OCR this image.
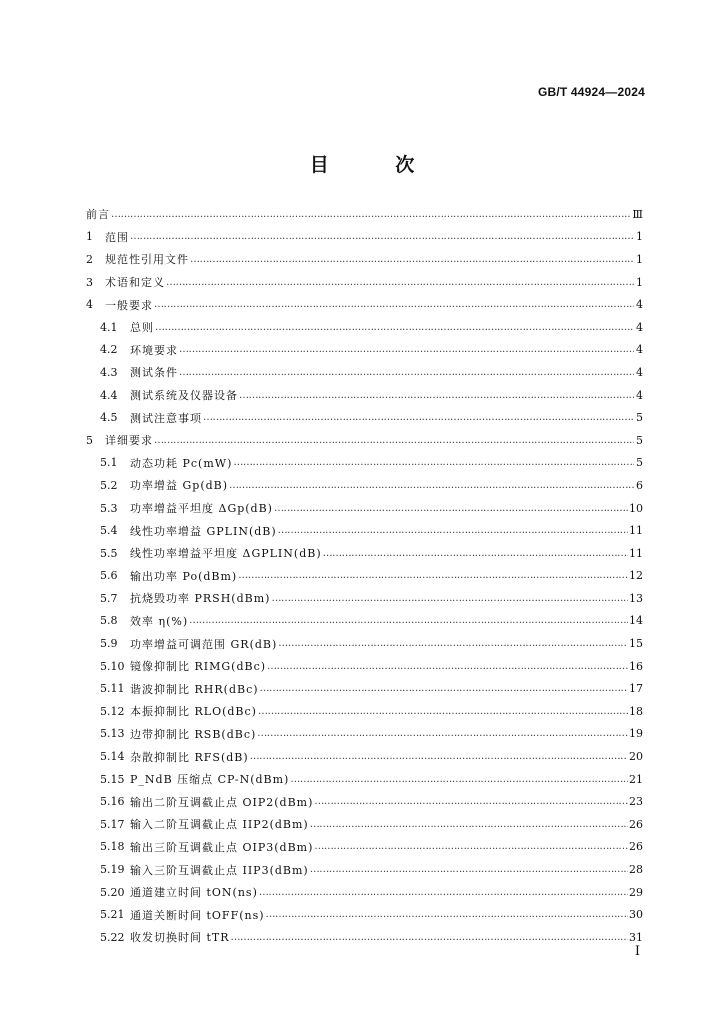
GB/T 44924—2024
目 次
前言 …………………………………………………………………………………………………………………………………………………………………………………………………………………………………………………………………………	Ⅲ
1	范围 …………………………………………………………………………………………………………………………………………………………………………………………………………………………………………………………………………	1
2	规范性引用文件 …………………………………………………………………………………………………………………………………………………………………………………………………………………………………………………………………………	1
3	术语和定义 …………………………………………………………………………………………………………………………………………………………………………………………………………………………………………………………………………	1
4	一般要求 …………………………………………………………………………………………………………………………………………………………………………………………………………………………………………………………………………	4
4.1	总则 …………………………………………………………………………………………………………………………………………………………………………………………………………………………………………………………………………	4
4.2	环境要求 …………………………………………………………………………………………………………………………………………………………………………………………………………………………………………………………………………	4
4.3	测试条件 …………………………………………………………………………………………………………………………………………………………………………………………………………………………………………………………………………	4
4.4	测试系统及仪器设备 …………………………………………………………………………………………………………………………………………………………………………………………………………………………………………………………………………	4
4.5	测试注意事项 …………………………………………………………………………………………………………………………………………………………………………………………………………………………………………………………………………	5
5	详细要求 …………………………………………………………………………………………………………………………………………………………………………………………………………………………………………………………………………	5
5.1	动态功耗 Pc(mW) …………………………………………………………………………………………………………………………………………………………………………………………………………………………………………………………………………	5
5.2	功率增益 Gp(dB) …………………………………………………………………………………………………………………………………………………………………………………………………………………………………………………………………………	6
5.3	功率增益平坦度 ΔGp(dB) …………………………………………………………………………………………………………………………………………………………………………………………………………………………………………………………………………	10
5.4	线性功率增益 GPLIN(dB) …………………………………………………………………………………………………………………………………………………………………………………………………………………………………………………………………………	11
5.5	线性功率增益平坦度 ΔGPLIN(dB) …………………………………………………………………………………………………………………………………………………………………………………………………………………………………………………………………………	11
5.6	输出功率 Po(dBm) …………………………………………………………………………………………………………………………………………………………………………………………………………………………………………………………………………	12
5.7	抗烧毁功率 PRSH(dBm) …………………………………………………………………………………………………………………………………………………………………………………………………………………………………………………………………………	13
5.8	效率 η(%) …………………………………………………………………………………………………………………………………………………………………………………………………………………………………………………………………………	14
5.9	功率增益可调范围 GR(dB) …………………………………………………………………………………………………………………………………………………………………………………………………………………………………………………………………………	15
5.10 镜像抑制比 RIMG(dBc) …………………………………………………………………………………………………………………………………………………………………………………………………………………………………………………………………………	16
5.11 谐波抑制比 RHR(dBc) …………………………………………………………………………………………………………………………………………………………………………………………………………………………………………………………………………	17
5.12 本振抑制比 RLO(dBc) …………………………………………………………………………………………………………………………………………………………………………………………………………………………………………………………………………	18
5.13 边带抑制比 RSB(dBc) …………………………………………………………………………………………………………………………………………………………………………………………………………………………………………………………………………	19
5.14 杂散抑制比 RFS(dB) …………………………………………………………………………………………………………………………………………………………………………………………………………………………………………………………………………	20
5.15 P_NdB 压缩点 CP-N(dBm) …………………………………………………………………………………………………………………………………………………………………………………………………………………………………………………………………………	21
5.16 输出二阶互调截止点 OIP2(dBm) …………………………………………………………………………………………………………………………………………………………………………………………………………………………………………………………………………	23
5.17 输入二阶互调截止点 IIP2(dBm) …………………………………………………………………………………………………………………………………………………………………………………………………………………………………………………………………………	26
5.18 输出三阶互调截止点 OIP3(dBm) …………………………………………………………………………………………………………………………………………………………………………………………………………………………………………………………………………	26
5.19 输入三阶互调截止点 IIP3(dBm) …………………………………………………………………………………………………………………………………………………………………………………………………………………………………………………………………………	28
5.20 通道建立时间 tON(ns) …………………………………………………………………………………………………………………………………………………………………………………………………………………………………………………………………………	29
5.21 通道关断时间 tOFF(ns) …………………………………………………………………………………………………………………………………………………………………………………………………………………………………………………………………………	30
5.22 收发切换时间 tTR …………………………………………………………………………………………………………………………………………………………………………………………………………………………………………………………………………	31
I
